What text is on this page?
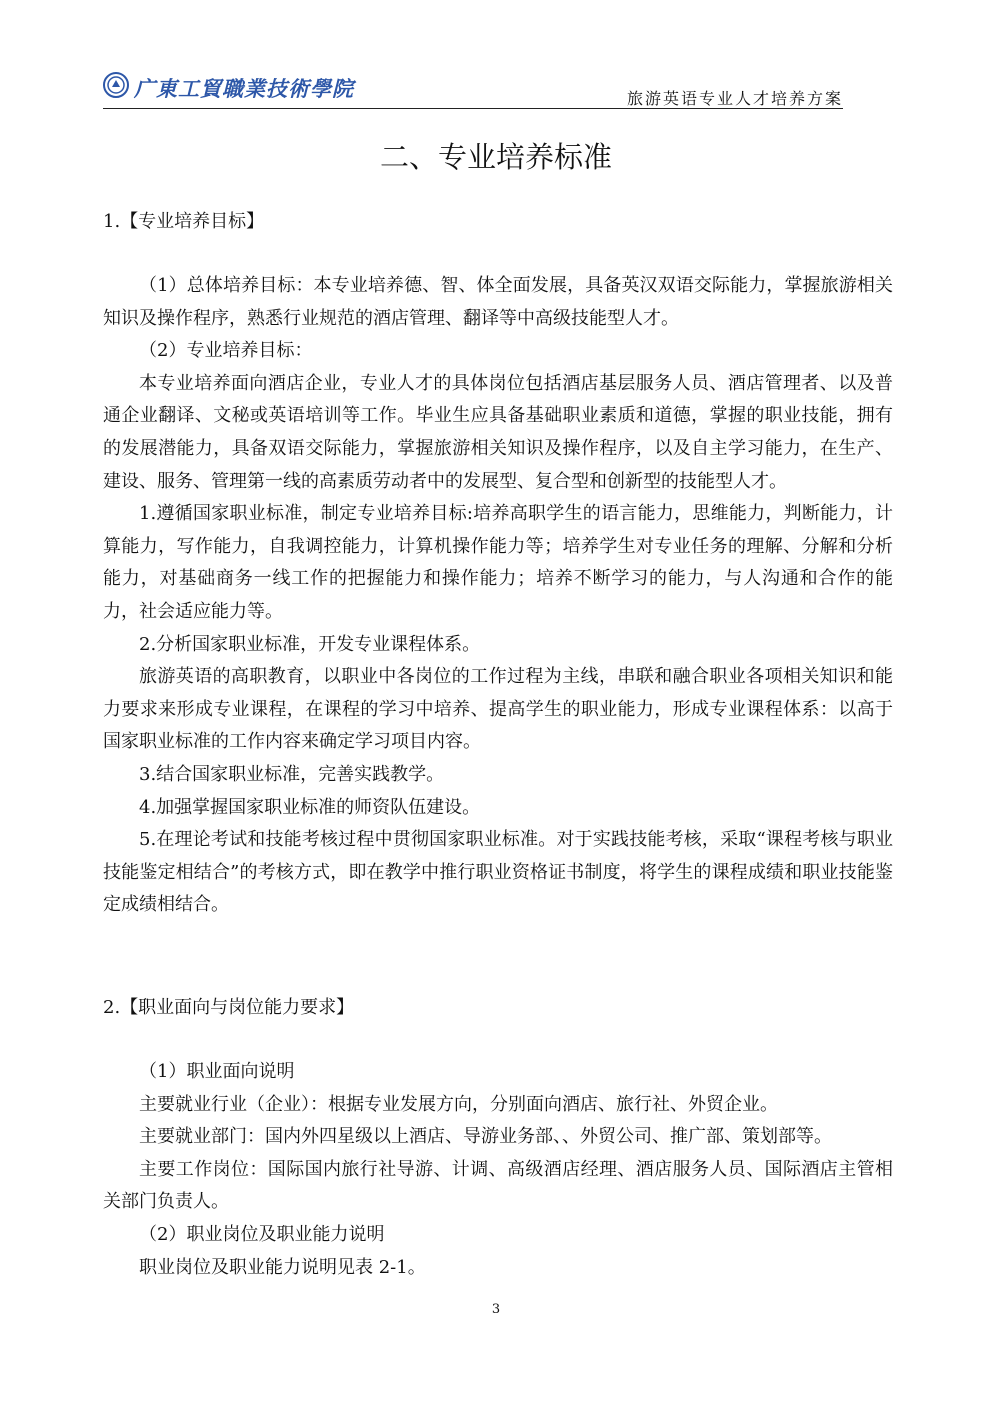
广東工貿職業技術學院	旅游英语专业人才培养方案
二、专业培养标准

1.【专业培养目标】

（1）总体培养目标：本专业培养德、智、体全面发展，具备英汉双语交际能力，掌握旅游相关知识及操作程序，熟悉行业规范的酒店管理、翻译等中高级技能型人才。

（2）专业培养目标：

本专业培养面向酒店企业，专业人才的具体岗位包括酒店基层服务人员、酒店管理者、以及普通企业翻译、文秘或英语培训等工作。毕业生应具备基础职业素质和道德，掌握的职业技能，拥有的发展潜能力，具备双语交际能力，掌握旅游相关知识及操作程序，以及自主学习能力，在生产、建设、服务、管理第一线的高素质劳动者中的发展型、复合型和创新型的技能型人才。

1.遵循国家职业标准，制定专业培养目标:培养高职学生的语言能力，思维能力，判断能力，计算能力，写作能力，自我调控能力，计算机操作能力等；培养学生对专业任务的理解、分解和分析能力，对基础商务一线工作的把握能力和操作能力；培养不断学习的能力，与人沟通和合作的能力，社会适应能力等。

2.分析国家职业标准，开发专业课程体系。

旅游英语的高职教育，以职业中各岗位的工作过程为主线，串联和融合职业各项相关知识和能力要求来形成专业课程，在课程的学习中培养、提高学生的职业能力，形成专业课程体系：以高于国家职业标准的工作内容来确定学习项目内容。

3.结合国家职业标准，完善实践教学。

4.加强掌握国家职业标准的师资队伍建设。

5.在理论考试和技能考核过程中贯彻国家职业标准。对于实践技能考核，采取“课程考核与职业技能鉴定相结合”的考核方式，即在教学中推行职业资格证书制度，将学生的课程成绩和职业技能鉴定成绩相结合。

2.【职业面向与岗位能力要求】

（1）职业面向说明

主要就业行业（企业）：根据专业发展方向，分别面向酒店、旅行社、外贸企业。

主要就业部门：国内外四星级以上酒店、导游业务部、、外贸公司、推广部、策划部等。

主要工作岗位：国际国内旅行社导游、计调、高级酒店经理、酒店服务人员、国际酒店主管相关部门负责人。

（2）职业岗位及职业能力说明

职业岗位及职业能力说明见表 2-1。

3
